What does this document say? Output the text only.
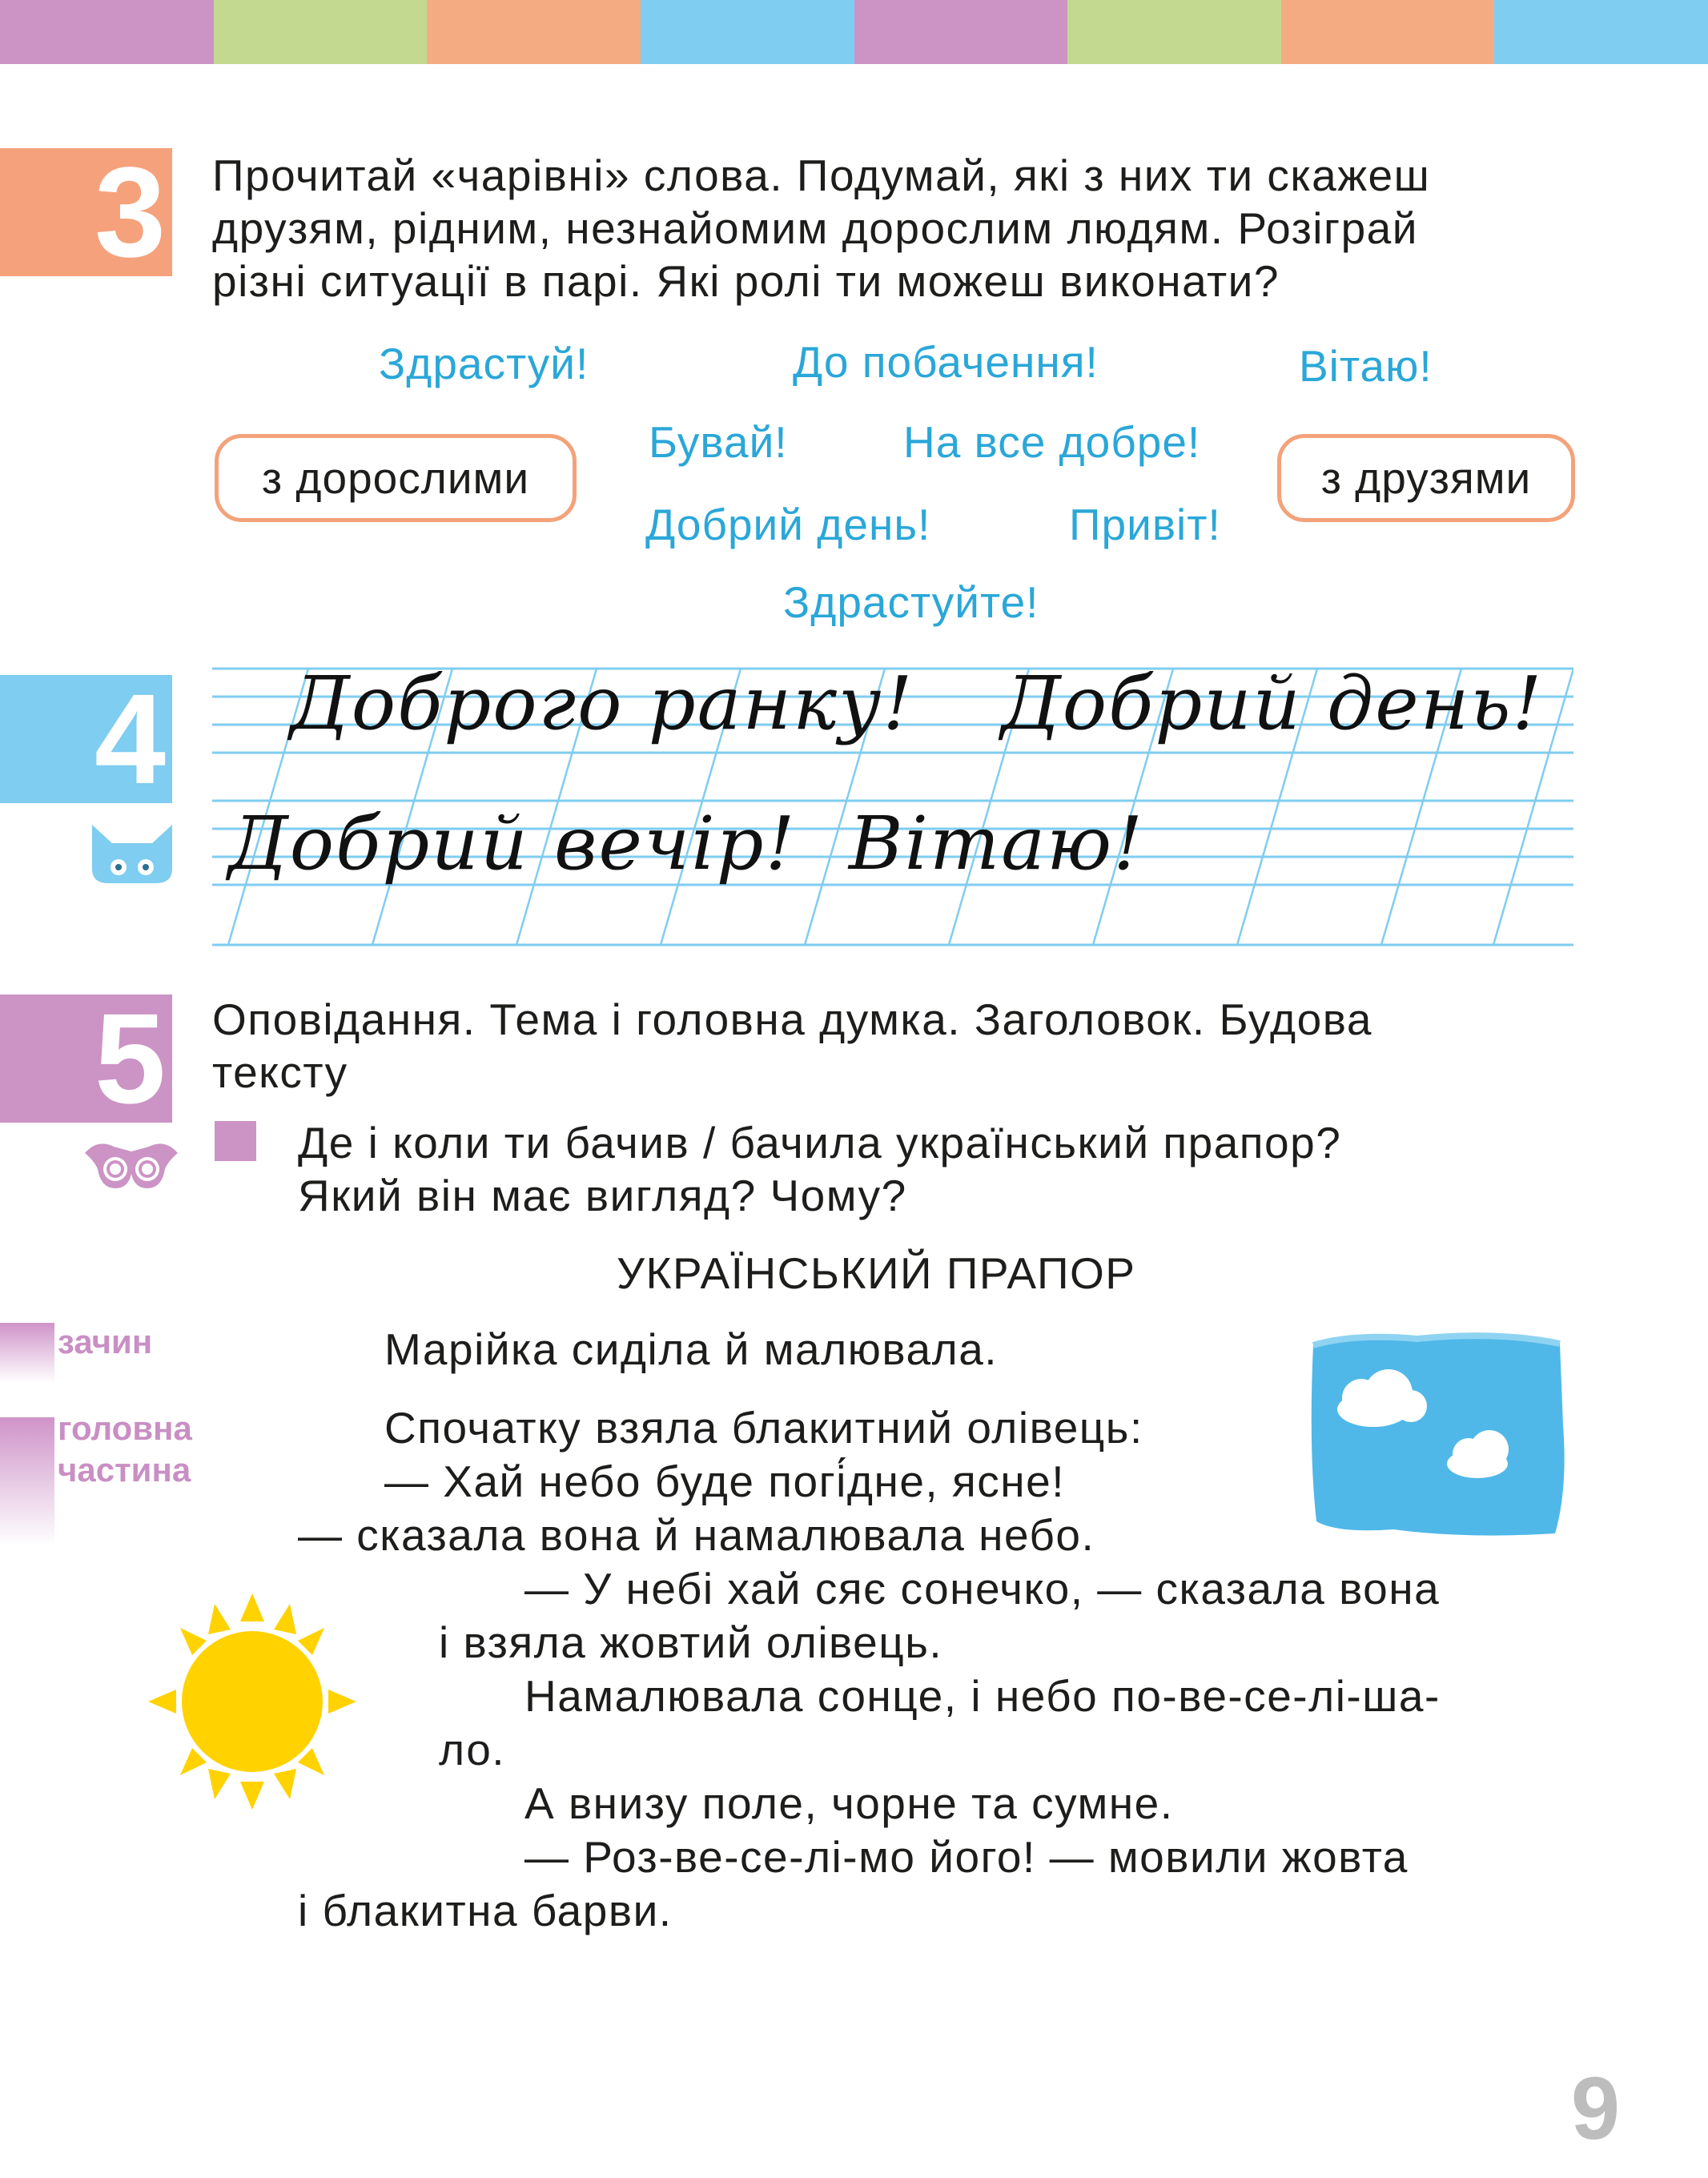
3 Прочитай «чарівні» слова. Подумай, які з них ти скажеш
друзям, рідним, незнайомим дорослим людям. Розіграй
різні ситуації в парі. Які ролі ти можеш виконати?
Здрастуй!	До побачення!	Вітаю!
Бувай!	На все добре!
Добрий день!	Привіт!
Здрастуйте!
з дорослими	з друзями
4 Доброго ранку! Добрий день!
Добрий вечір! Вітаю!
5 Оповідання. Тема і головна думка. Заголовок. Будова
тексту
Де і коли ти бачив / бачила український прапор?
Який він має вигляд? Чому?
УКРАЇНСЬКИЙ ПРАПОР
зачин
головна
частина
Марійка сиділа й малювала.
Спочатку взяла блакитний олівець:
— Хай небо буде погі́дне, ясне!
— сказала вона й намалювала небо.
— У небі хай сяє сонечко, — сказала вона
і взяла жовтий олівець.
Намалювала сонце, і небо по-ве-се-лі-ша-
ло.
А внизу поле, чорне та сумне.
— Роз-ве-се-лі-мо його! — мовили жовта
і блакитна барви.
9
